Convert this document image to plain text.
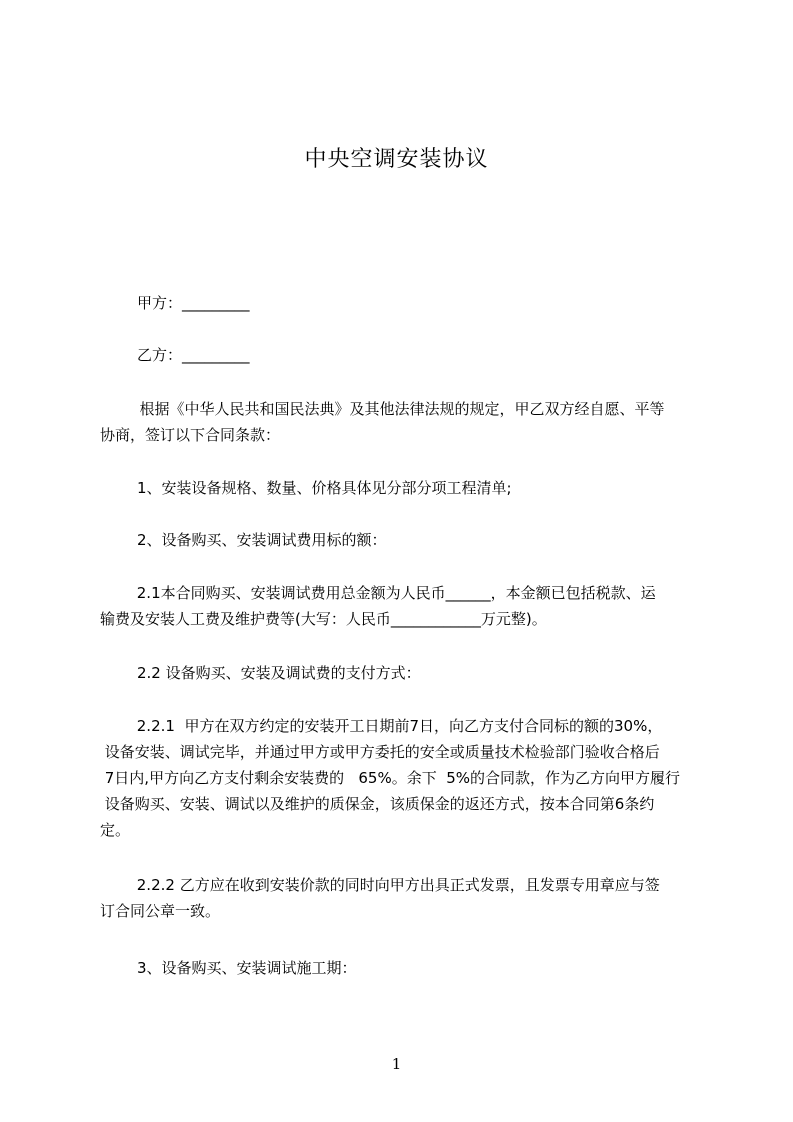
中央空调安装协议

甲方：_________

乙方：_________

根据《中华人民共和国民法典》及其他法律法规的规定，甲乙双方经自愿、平等
协商，签订以下合同条款：

1、安装设备规格、数量、价格具体见分部分项工程清单;

2、设备购买、安装调试费用标的额：

2.1本合同购买、安装调试费用总金额为人民币______，本金额已包括税款、运
输费及安装人工费及维护费等(大写：人民币____________万元整)。

2.2 设备购买、安装及调试费的支付方式：

2.2.1  甲方在双方约定的安装开工日期前7日，向乙方支付合同标的额的30%，
设备安装、调试完毕，并通过甲方或甲方委托的安全或质量技术检验部门验收合格后
7日内,甲方向乙方支付剩余安装费的   65%。余下  5%的合同款，作为乙方向甲方履行
设备购买、安装、调试以及维护的质保金，该质保金的返还方式，按本合同第6条约
定。
2.2.2 乙方应在收到安装价款的同时向甲方出具正式发票，且发票专用章应与签
订合同公章一致。

3、设备购买、安装调试施工期：

1
